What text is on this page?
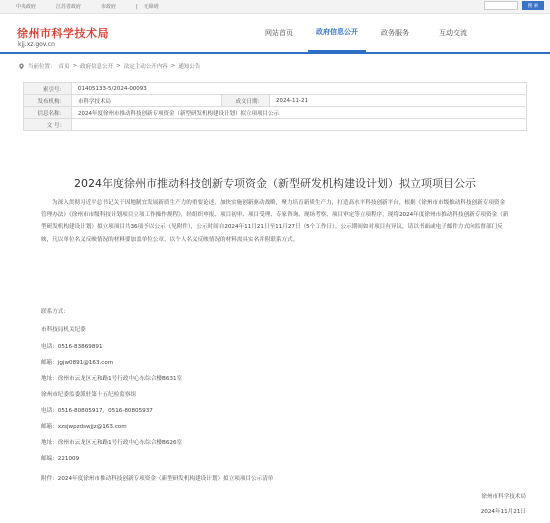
中央政府	江苏省政府	市政府	| 无障碍	搜 索
徐州市科学技术局
kjj.xz.gov.cn
网站首页	政府信息公开	政务服务	互动交流
当前位置： 首页 > 政府信息公开 > 法定主动公开内容 > 通知公告
索引号：	01405133-5/2024-00093		
发布机构：	市科学技术局	成文日期：	2024-11-21
信息名称：	2024年度徐州市推动科技创新专项资金（新型研发机构建设计划）拟立项项目公示		
文 号：			
2024年度徐州市推动科技创新专项资金（新型研发机构建设计划）拟立项项目公示

为深入贯彻习近平总书记关于因地制宜发展新质生产力的重要论述，加快实施创新驱动战略，聚力培育新质生产力，打造高水平科技创新平台，根据《徐州市市级推动科技创新专项资金管理办法》《徐州市市级科技计划项目立项工作操作规程》，经组织申报、项目初审、项目受理、专家咨询、现场考察、项目审定等立项程序，现将2024年度徐州市推动科技创新专项资金（新型研发机构建设计划）拟立项项目共36项予以公示（见附件），公示时间自2024年11月21日至11月27日（5个工作日）。公示期间如对项目有异议，请以书面或电子邮件方式向监督部门反映，凡以单位名义反映情况的材料要加盖单位公章，以个人名义反映情况的材料需具实名并附联系方式。

联系方式：
市科技局机关纪委
电话：0516-83869891
邮箱：jgjw0891@163.com
地址：徐州市云龙区元和路1号行政中心东综合楼B631室
徐州市纪委监委派驻第十五纪检监察组
电话：0516-80805917，0516-80805937
邮箱：xzsjwpzdswjjz@163.com
地址：徐州市云龙区元和路1号行政中心东综合楼B626室
邮编：221009
附件：2024年度徐州市推动科技创新专项资金（新型研发机构建设计划）拟立项项目公示清单
徐州市科学技术局
2024年11月21日
